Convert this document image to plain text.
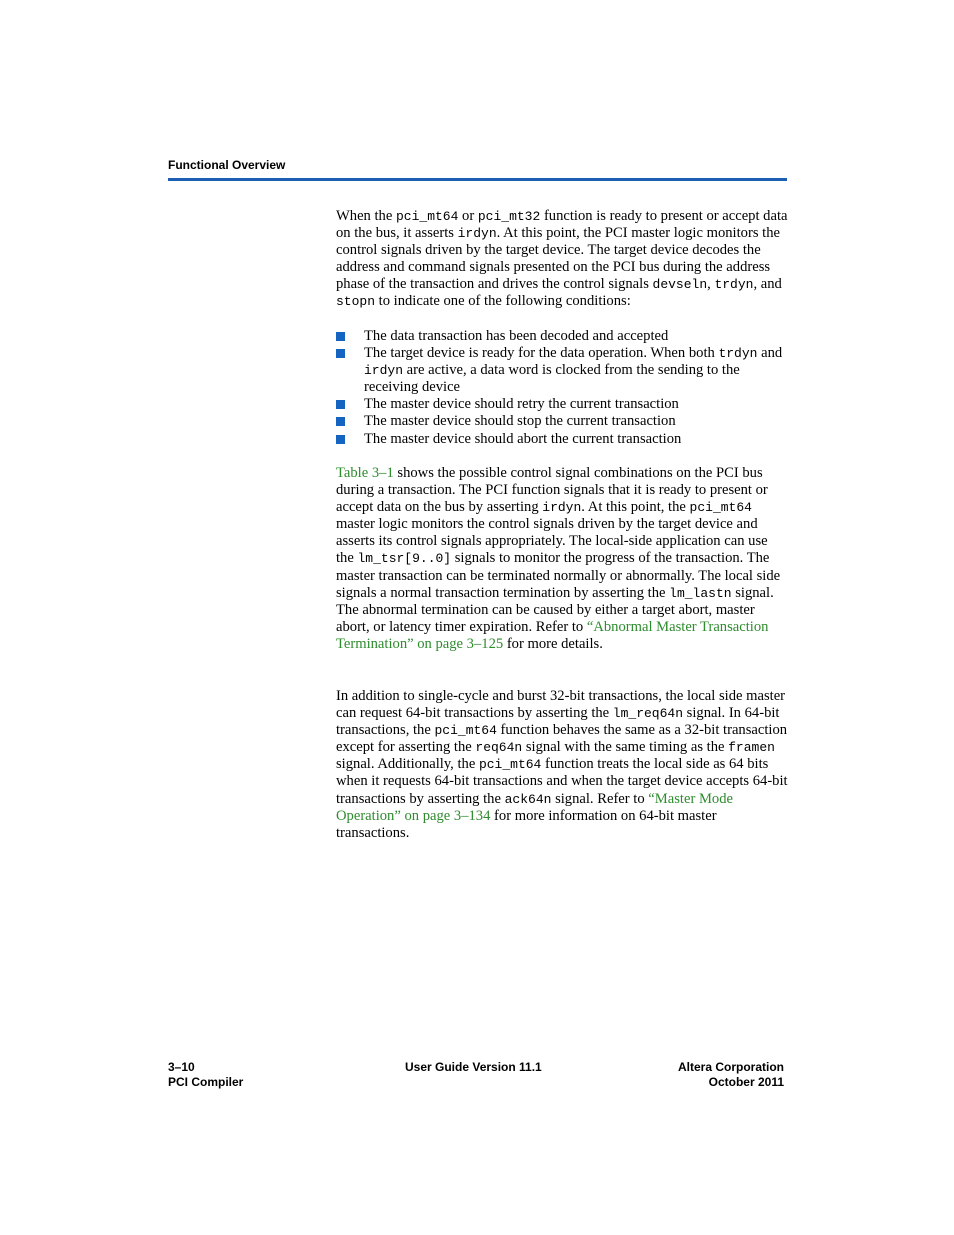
Functional Overview
When the pci_mt64 or pci_mt32 function is ready to present or accept data on the bus, it asserts irdyn. At this point, the PCI master logic monitors the control signals driven by the target device. The target device decodes the address and command signals presented on the PCI bus during the address phase of the transaction and drives the control signals devseln, trdyn, and stopn to indicate one of the following conditions:
The data transaction has been decoded and accepted
The target device is ready for the data operation. When both trdyn and irdyn are active, a data word is clocked from the sending to the receiving device
The master device should retry the current transaction
The master device should stop the current transaction
The master device should abort the current transaction
Table 3–1 shows the possible control signal combinations on the PCI bus during a transaction. The PCI function signals that it is ready to present or accept data on the bus by asserting irdyn. At this point, the pci_mt64 master logic monitors the control signals driven by the target device and asserts its control signals appropriately. The local-side application can use the lm_tsr[9..0] signals to monitor the progress of the transaction. The master transaction can be terminated normally or abnormally. The local side signals a normal transaction termination by asserting the lm_lastn signal. The abnormal termination can be caused by either a target abort, master abort, or latency timer expiration. Refer to “Abnormal Master Transaction Termination” on page 3–125 for more details.
In addition to single-cycle and burst 32-bit transactions, the local side master can request 64-bit transactions by asserting the lm_req64n signal. In 64-bit transactions, the pci_mt64 function behaves the same as a 32-bit transaction except for asserting the req64n signal with the same timing as the framen signal. Additionally, the pci_mt64 function treats the local side as 64 bits when it requests 64-bit transactions and when the target device accepts 64-bit transactions by asserting the ack64n signal. Refer to “Master Mode Operation” on page 3–134 for more information on 64-bit master transactions.
3–10
PCI Compiler
User Guide Version 11.1	Altera Corporation
October 2011
